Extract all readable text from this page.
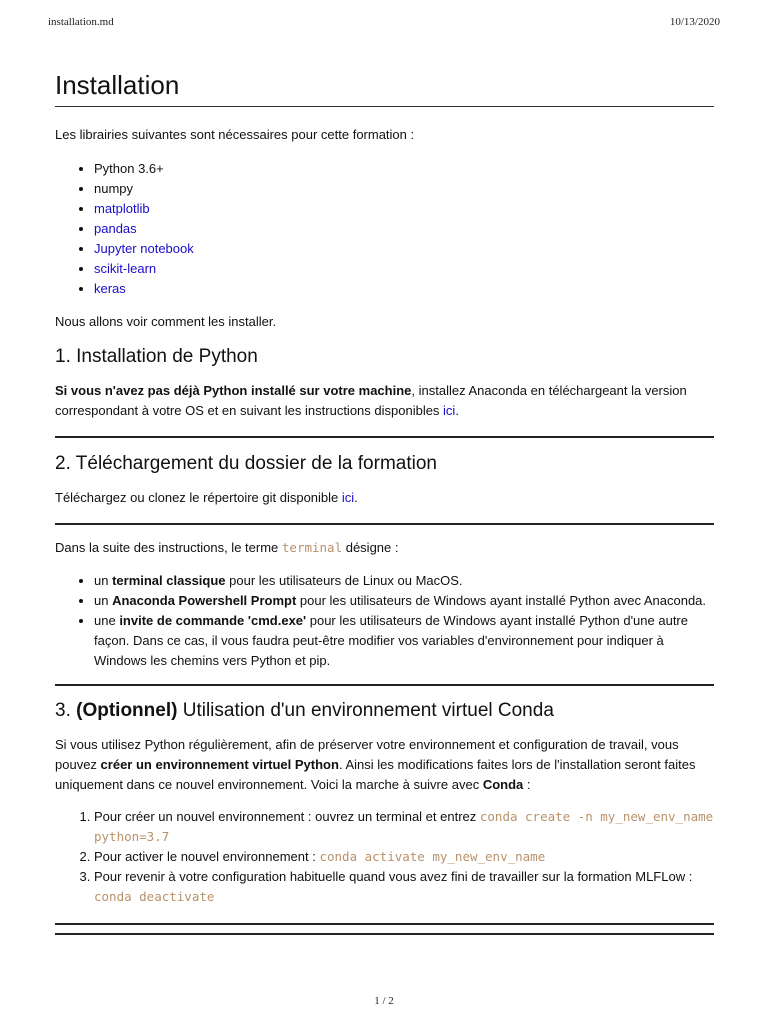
installation.md	10/13/2020
Installation

Les librairies suivantes sont nécessaires pour cette formation :

• Python 3.6+
• numpy
• matplotlib
• pandas
• Jupyter notebook
• scikit-learn
• keras

Nous allons voir comment les installer.

1. Installation de Python

Si vous n'avez pas déjà Python installé sur votre machine, installez Anaconda en téléchargeant la version correspondant à votre OS et en suivant les instructions disponibles ici.

2. Téléchargement du dossier de la formation

Téléchargez ou clonez le répertoire git disponible ici.

Dans la suite des instructions, le terme terminal désigne :

• un terminal classique pour les utilisateurs de Linux ou MacOS.
• un Anaconda Powershell Prompt pour les utilisateurs de Windows ayant installé Python avec Anaconda.
• une invite de commande 'cmd.exe' pour les utilisateurs de Windows ayant installé Python d'une autre façon. Dans ce cas, il vous faudra peut-être modifier vos variables d'environnement pour indiquer à Windows les chemins vers Python et pip.
3. (Optionnel) Utilisation d'un environnement virtuel Conda

Si vous utilisez Python régulièrement, afin de préserver votre environnement et configuration de travail, vous pouvez créer un environnement virtuel Python. Ainsi les modifications faites lors de l'installation seront faites uniquement dans ce nouvel environnement. Voici la marche à suivre avec Conda :

1. Pour créer un nouvel environnement : ouvrez un terminal et entrez conda create -n my_new_env_name python=3.7
2. Pour activer le nouvel environnement : conda activate my_new_env_name
3. Pour revenir à votre configuration habituelle quand vous avez fini de travailler sur la formation MLFLow : conda deactivate
1 / 2
